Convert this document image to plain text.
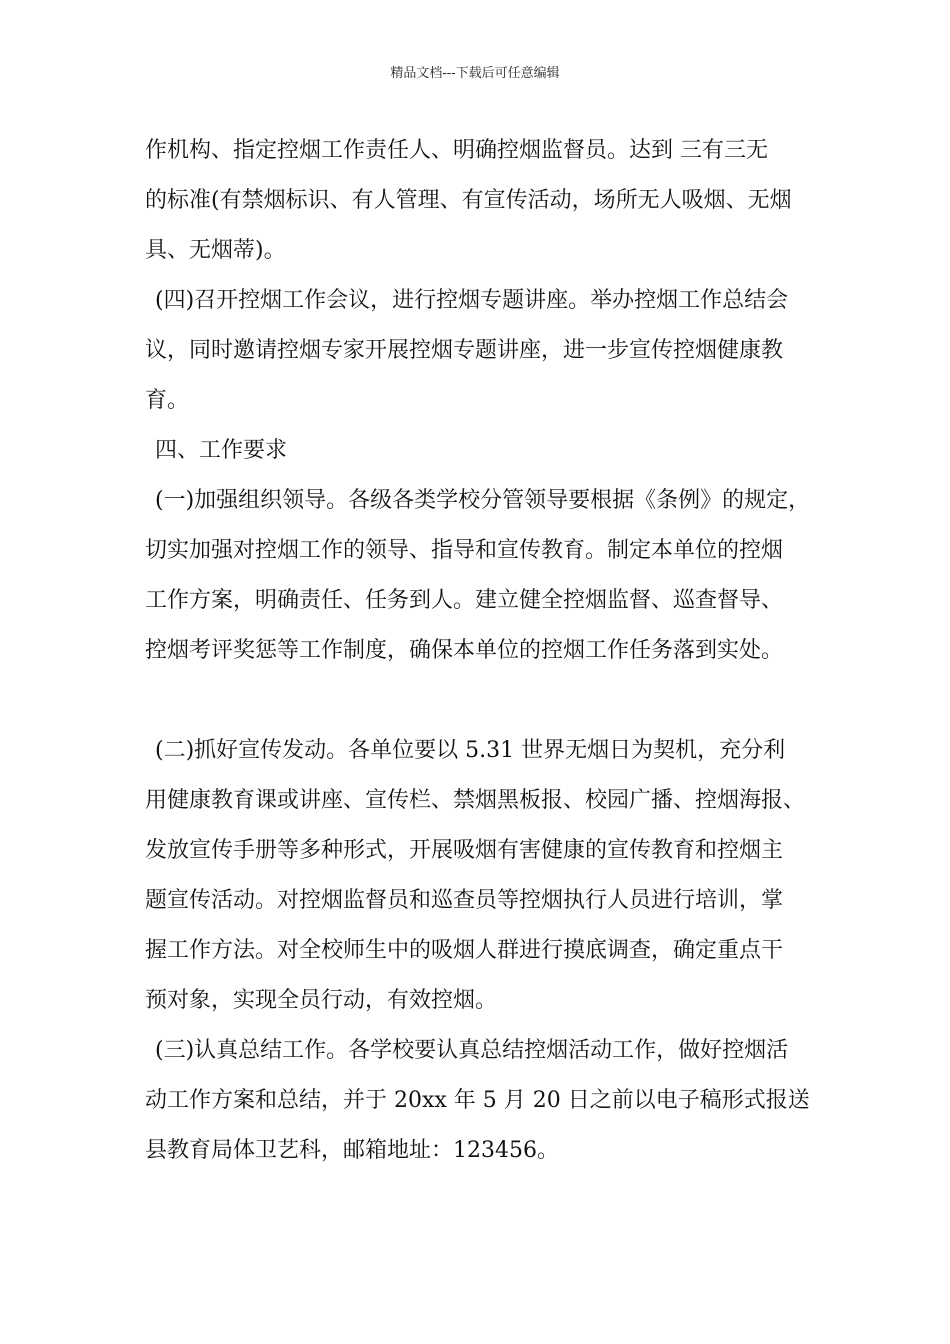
精品文档---下载后可任意编辑
作机构、指定控烟工作责任人、明确控烟监督员。达到 三有三无
的标准(有禁烟标识、有人管理、有宣传活动，场所无人吸烟、无烟
具、无烟蒂)。
(四)召开控烟工作会议，进行控烟专题讲座。举办控烟工作总结会
议，同时邀请控烟专家开展控烟专题讲座，进一步宣传控烟健康教
育。
四、工作要求
(一)加强组织领导。各级各类学校分管领导要根据《条例》的规定，
切实加强对控烟工作的领导、指导和宣传教育。制定本单位的控烟
工作方案，明确责任、任务到人。建立健全控烟监督、巡查督导、
控烟考评奖惩等工作制度，确保本单位的控烟工作任务落到实处。
(二)抓好宣传发动。各单位要以 5.31 世界无烟日为契机，充分利
用健康教育课或讲座、宣传栏、禁烟黑板报、校园广播、控烟海报、
发放宣传手册等多种形式，开展吸烟有害健康的宣传教育和控烟主
题宣传活动。对控烟监督员和巡查员等控烟执行人员进行培训，掌
握工作方法。对全校师生中的吸烟人群进行摸底调查，确定重点干
预对象，实现全员行动，有效控烟。
(三)认真总结工作。各学校要认真总结控烟活动工作，做好控烟活
动工作方案和总结，并于 20xx 年 5 月 20 日之前以电子稿形式报送
县教育局体卫艺科，邮箱地址：123456。
